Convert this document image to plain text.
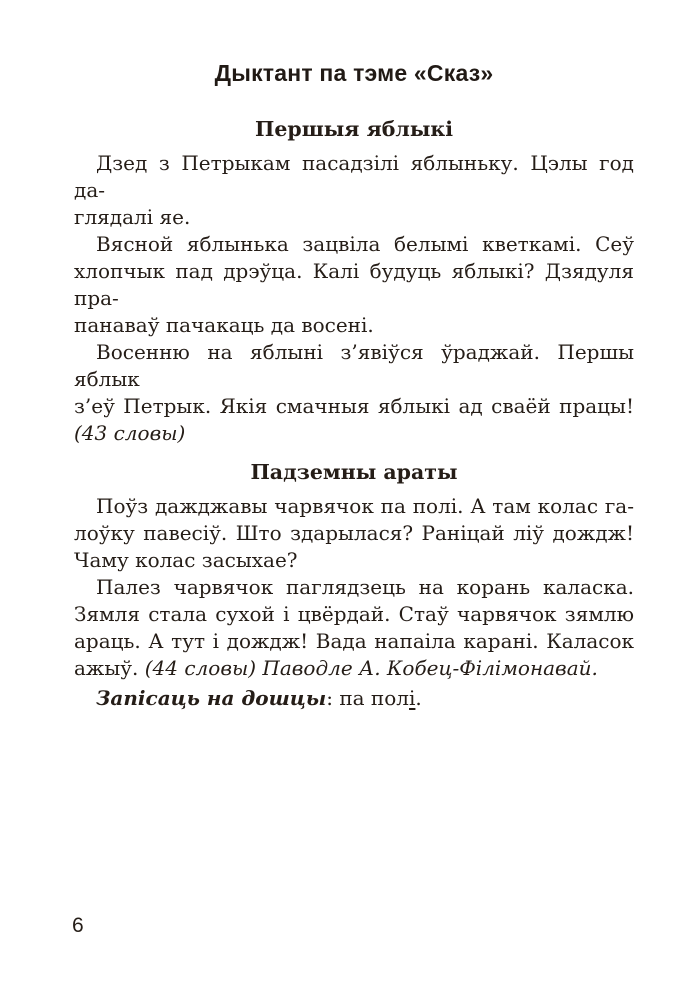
Дыктант па тэме «Сказ»
Першыя яблыкі
Дзед з Петрыкам пасадзілі яблыньку. Цэлы год да-
глядалі яе.
Вясной яблынька зацвіла белымі кветкамі. Сеў
хлопчык пад дрэўца. Калі будуць яблыкі? Дзядуля пра-
панаваў пачакаць да восені.
Восенню на яблыні з’явіўся ўраджай. Першы яблык
з’еў Петрык. Якія смачныя яблыкі ад сваёй працы!
(43 словы)
Падземны араты
Поўз дажджавы чарвячок па полі. А там колас га-
лоўку павесіў. Што здарылася? Раніцай ліў дождж!
Чаму колас засыхае?
Палез чарвячок паглядзець на корань каласка.
Зямля стала сухой і цвёрдай. Стаў чарвячок зямлю
араць. А тут і дождж! Вада напаіла карані. Каласок
ажыў. (44 словы) Паводле А. Кобец-Філімонавай.
Запісаць на дошцы: па полі.
6
